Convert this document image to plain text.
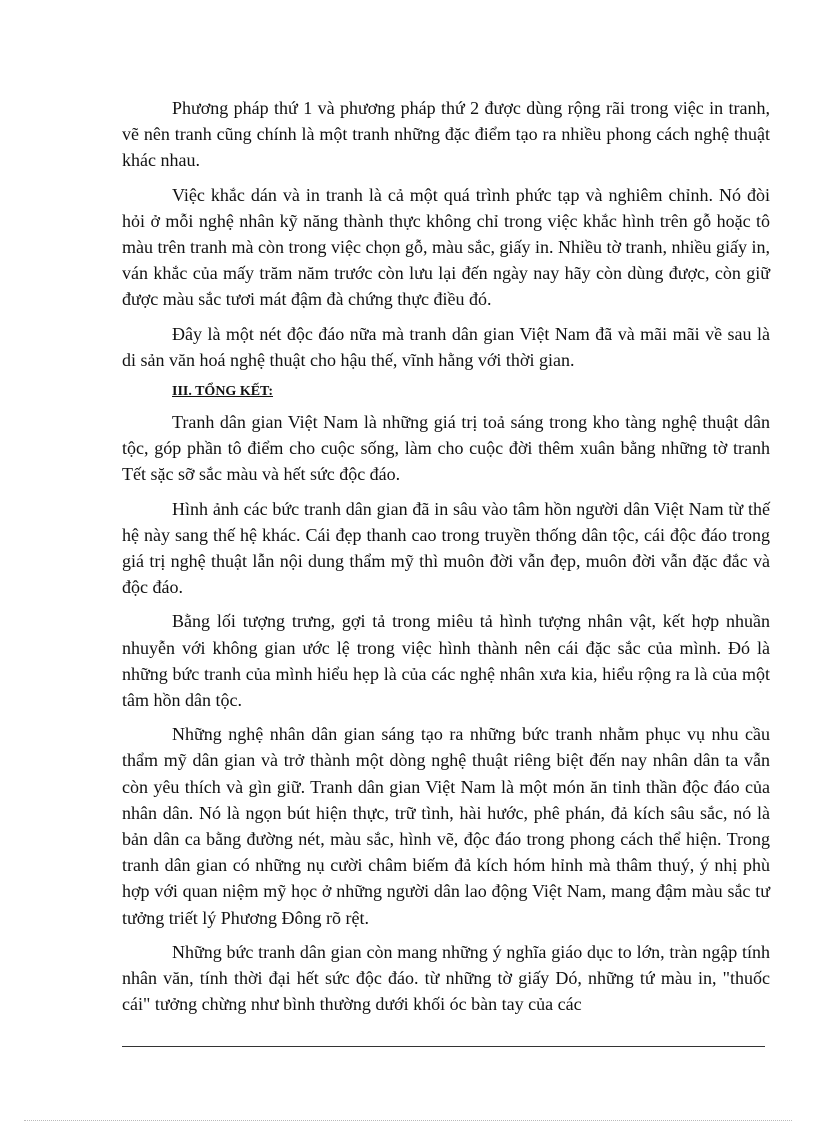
Phương pháp thứ 1 và phương pháp thứ 2 được dùng rộng rãi trong việc in tranh, vẽ nên tranh cũng chính là một tranh những đặc điểm tạo ra nhiều phong cách nghệ thuật khác nhau.

Việc khắc dán và in tranh là cả một quá trình phức tạp và nghiêm chỉnh. Nó đòi hỏi ở mỗi nghệ nhân kỹ năng thành thực không chỉ trong việc khắc hình trên gỗ hoặc tô màu trên tranh mà còn trong việc chọn gỗ, màu sắc, giấy in. Nhiều tờ tranh, nhiều giấy in, ván khắc của mấy trăm năm trước còn lưu lại đến ngày nay hãy còn dùng được, còn giữ được màu sắc tươi mát đậm đà chứng thực điều đó.

Đây là một nét độc đáo nữa mà tranh dân gian Việt Nam đã và mãi mãi về sau là di sản văn hoá nghệ thuật cho hậu thế, vĩnh hằng với thời gian.

III. TỔNG KẾT:

Tranh dân gian Việt Nam là những giá trị toả sáng trong kho tàng nghệ thuật dân tộc, góp phần tô điểm cho cuộc sống, làm cho cuộc đời thêm xuân bằng những tờ tranh Tết sặc sỡ sắc màu và hết sức độc đáo.

Hình ảnh các bức tranh dân gian đã in sâu vào tâm hồn người dân Việt Nam từ thế hệ này sang thế hệ khác. Cái đẹp thanh cao trong truyền thống dân tộc, cái độc đáo trong giá trị nghệ thuật lẫn nội dung thẩm mỹ thì muôn đời vẫn đẹp, muôn đời vẫn đặc đắc và độc đáo.

Bằng lối tượng trưng, gợi tả trong miêu tả hình tượng nhân vật, kết hợp nhuần nhuyễn với không gian ước lệ trong việc hình thành nên cái đặc sắc của mình. Đó là những bức tranh của mình hiểu hẹp là của các nghệ nhân xưa kia, hiểu rộng ra là của một tâm hồn dân tộc.

Những nghệ nhân dân gian sáng tạo ra những bức tranh nhằm phục vụ nhu cầu thẩm mỹ dân gian và trở thành một dòng nghệ thuật riêng biệt đến nay nhân dân ta vẫn còn yêu thích và gìn giữ. Tranh dân gian Việt Nam là một món ăn tinh thần độc đáo của nhân dân. Nó là ngọn bút hiện thực, trữ tình, hài hước, phê phán, đả kích sâu sắc, nó là bản dân ca bằng đường nét, màu sắc, hình vẽ, độc đáo trong phong cách thể hiện. Trong tranh dân gian có những nụ cười châm biếm đả kích hóm hỉnh mà thâm thuý, ý nhị phù hợp với quan niệm mỹ học ở những người dân lao động Việt Nam, mang đậm màu sắc tư tưởng triết lý Phương Đông rõ rệt.

Những bức tranh dân gian còn mang những ý nghĩa giáo dục to lớn, tràn ngập tính nhân văn, tính thời đại hết sức độc đáo. từ những tờ giấy Dó, những tứ màu in, "thuốc cái" tưởng chừng như bình thường dưới khối óc bàn tay của các
